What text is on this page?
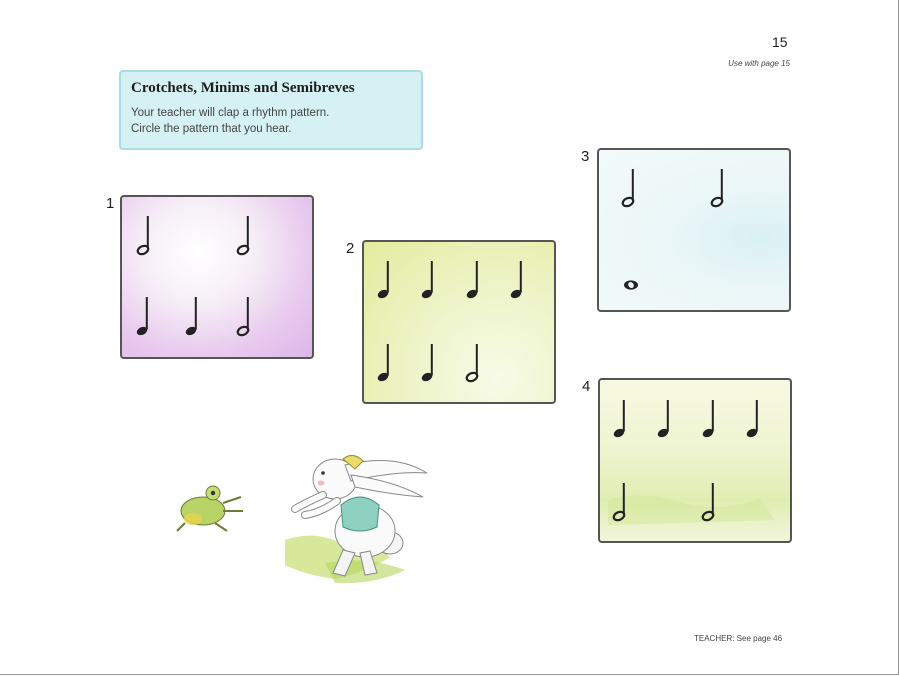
15
Use with page 15
Crotchets, Minims and Semibreves

Your teacher will clap a rhythm pattern.

Circle the pattern that you hear.

1
2
3
4
TEACHER: See page 46
